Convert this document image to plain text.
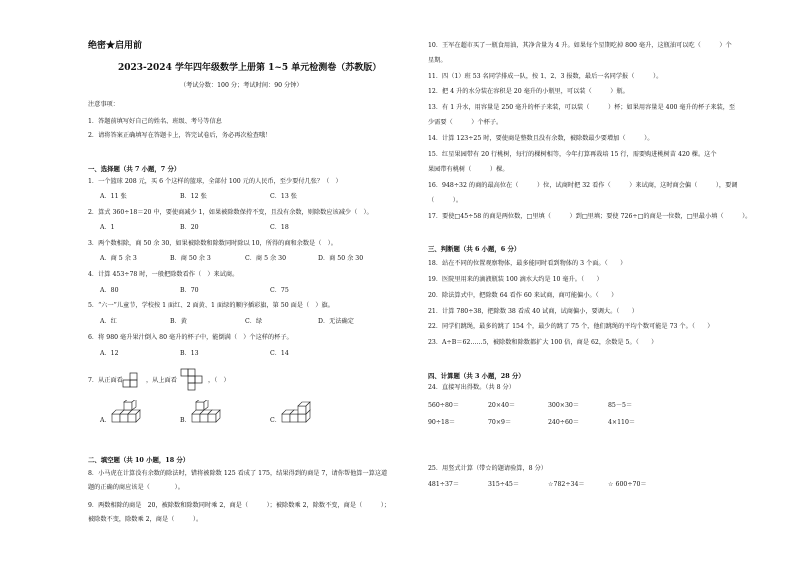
绝密★启用前
2023-2024 学年四年级数学上册第 1~5 单元检测卷（苏教版）
（考试分数：100 分；考试时间：90 分钟）
注意事项：
1．答题前填写好自己的姓名、班级、考号等信息
2．请将答案正确填写在答题卡上，答完试卷后，务必再次检查哦！
一、选择题（共 7 小题，7 分）
1．一个篮球 208 元，买 6 个这样的篮球，全部付 100 元的人民币，至少要付几张？（　）
A．11 张	B．12 张	C．13 张
2．算式 360÷18＝20 中，要使商减少 1，如果被除数保持不变，且没有余数，则除数应该减少（　）。
A．1	B．20	C．18
3．两个数相除，商 50 余 30，如果被除数和除数同时除以 10，所得的商和余数是（　）。
A．商 5 余 3	B．商 50 余 3	C．商 5 余 30	D．商 50 余 30
4．计算 453÷78 时，一般把除数看作（　）来试商。
A．80	B．70	C．75
5．“六一”儿童节，学校按 1 面红、2 面黄、1 面绿的顺序插彩旗，第 50 面是（　）旗。
A．红	B．黄	C．绿	D．无法确定
6．将 980 毫升果汁倒入 80 毫升的杯子中，能倒满（　）个这样的杯子。
A．12	B．13	C．14
7．从正面看	，从上面看	，（　）
A．	B．	C．
二、填空题（共 10 小题，18 分）
8．小马虎在计算没有余数的除法时，错将被除数 125 看成了 175，结果得到的商是 7，请你帮他算一算这道
题的正确的商应该是（　　　　）。
9．两数相除的商是　20，被除数和除数同时乘 2，商是（　　　）；被除数乘 2，除数不变，商是（　　　）；
被除数不变，除数乘 2，商是（　　　）。
10．王军在超市买了一瓶食用油，其净含量为 4 升。如果每个星期吃掉 800 毫升，这瓶油可以吃（　　　）个
星期。
11．四（1）班 53 名同学排成一队，按 1、2、3 报数，最后一名同学报（　　　）。
12．把 4 升的水分装在容积是 20 毫升的小瓶里，可以装（　　　）瓶。
13．有 1 升水，用容量是 250 毫升的杯子来装，可以装（　　　）杯；如果用容量是 400 毫升的杯子来装，至
少需要（　　　）个杯子。
14．计算 123÷25 时，要使商是整数且没有余数，被除数最少要增加（　　　）。
15．红星果园带有 20 行桃树，每行的棵树相等，今年打算再栽培 15 行，需要购进桃树苗 420 棵。这个
果园带有桃树（　　　）棵。
16．948÷32 的商的最高位在（　　　）位，试商时把 32 看作（　　　）来试商，这时商会偏（　　　），要调
（　　　）。
17．要使□45÷58 的商是两位数，□里填（　　　）到□里填；要使 726÷□的商是一位数，□里最小填（　　　）。
三、判断题（共 6 小题，6 分）
18．站在不同的位置观察物体，最多能同时看到物体的 3 个面。（　　）
19．医院里用来的滴液瓶装 100 滴水大约是 10 毫升。（　　）
20．除法算式中，把除数 64 看作 60 来试商，商可能偏小。（　　）
21．计算 780÷38，把除数 38 看成 40 试商，试商偏小，要调大。（　　）
22．同学们跳绳，最多的跳了 154 个，最少的跳了 75 个，他们跳绳的平均个数可能是 73 个。（　　）
23．A÷B＝62……5，被除数和除数都扩大 100 倍，商是 62，余数是 5。（　　）
四、计算题（共 3 小题，28 分）
24．直接写出得数。（共 8 分）
560÷80＝	20×40＝	300×30＝	85－5＝
90÷18＝	70×9＝	240÷60＝	4×110＝
25．用竖式计算（带☆的题请验算，8 分）
481÷37＝	315÷45＝	☆782÷34＝	☆ 600÷70＝
